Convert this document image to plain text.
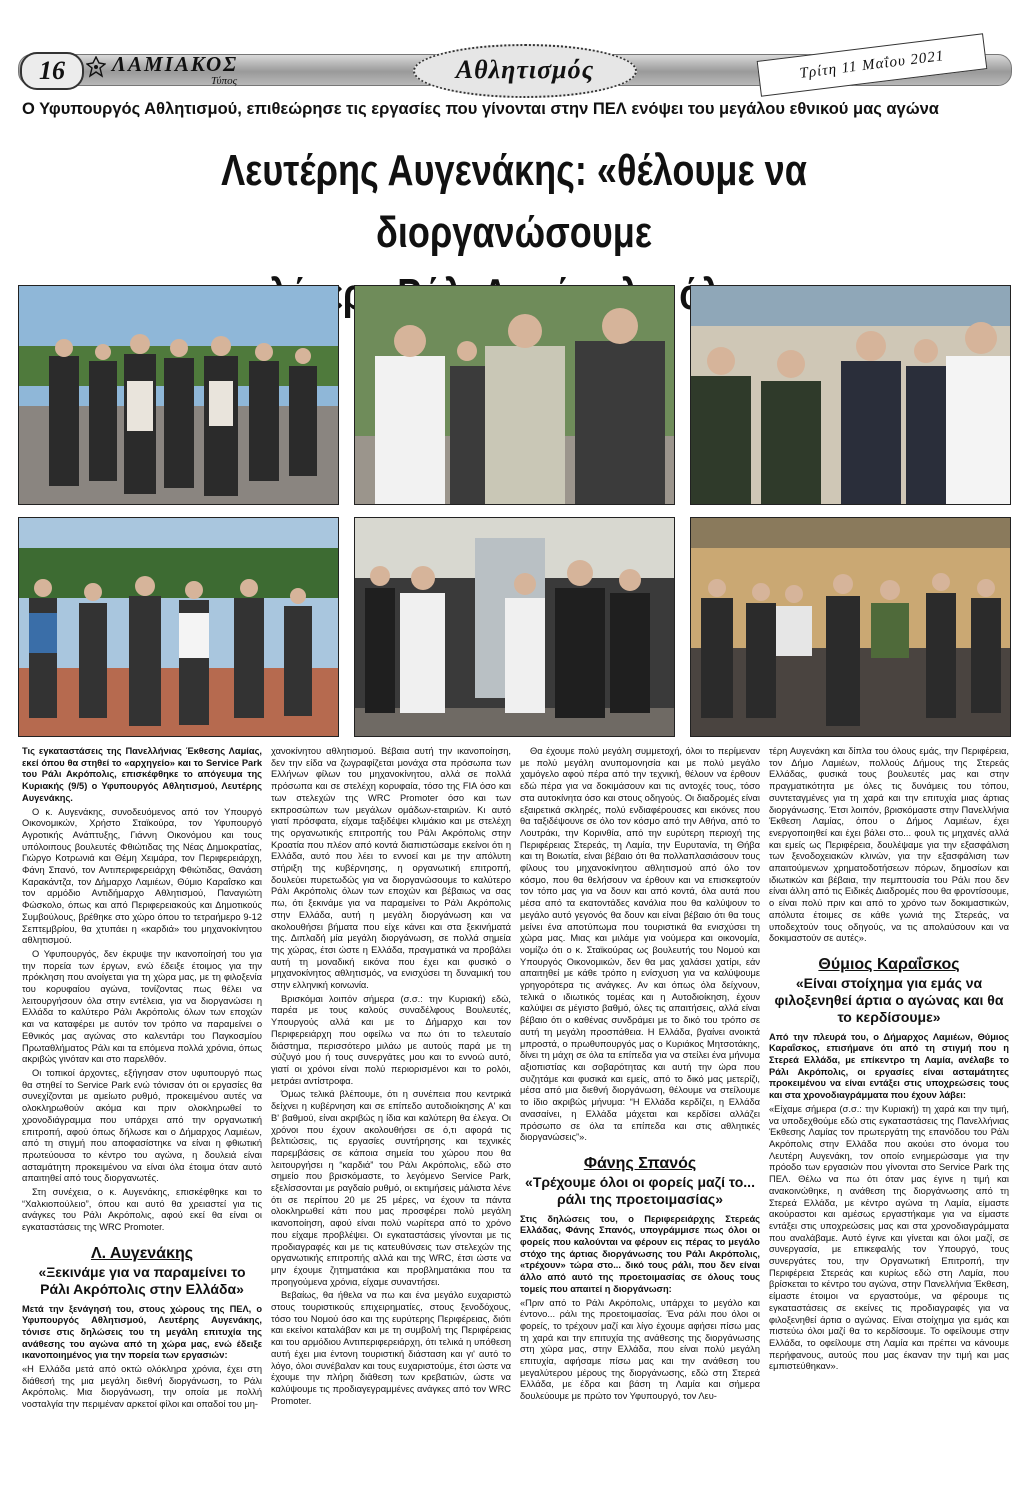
16	ΛΑΜΙΑΚΟΣ
Τύπος	Αθλητισμός	Τρίτη 11 Μαΐου 2021
Ο Υφυπουργός Αθλητισμού, επιθεώρησε τις εργασίες που γίνονται στην ΠΕΛ ενόψει του μεγάλου εθνικού μας αγώνα
Λευτέρης Αυγενάκης: «θέλουμε να διοργανώσουμε

Τις εγκαταστάσεις της Πανελλήνιας Έκθεσης Λαμίας, εκεί όπου θα στηθεί το «αρχηγείο» και το Service Park του Ράλι Ακρόπολις, επισκέφθηκε το απόγευμα της Κυριακής (9/5) ο Υφυπουργός Αθλητισμού, Λευτέρης Αυγενάκης.

Ο κ. Αυγενάκης, συνοδευόμενος από τον Υπουργό Οικονομικών, Χρήστο Σταϊκούρα, τον Υφυπουργό Αγροτικής Ανάπτυξης, Γιάννη Οικονόμου και τους υπόλοιπους βουλευτές Φθιώτιδας της Νέας Δημοκρατίας, Γιώργο Κοτρωνιά και Θέμη Χειμάρα, τον Περιφερειάρχη, Φάνη Σπανό, τον Αντιπεριφερειάρχη Φθιώτιδας, Θανάση Καρακάντζα, τον Δήμαρχο Λαμιέων, Θύμιο Καραΐσκο και τον αρμόδιο Αντιδήμαρχο Αθλητισμού, Παναγιώτη Φώσκολο, όπως και από Περιφερειακούς και Δημοτικούς Συμβούλους, βρέθηκε στο χώρο όπου το τετραήμερο 9-12 Σεπτεμβρίου, θα χτυπάει η «καρδιά» του μηχανοκίνητου αθλητισμού.

Ο Υφυπουργός, δεν έκρυψε την ικανοποίησή του για την πορεία των έργων, ενώ έδειξε έτοιμος για την πρόκληση που ανοίγεται για τη χώρα μας, με τη φιλοξενία του κορυφαίου αγώνα, τονίζοντας πως θέλει να λειτουργήσουν όλα στην εντέλεια, για να διοργανώσει η Ελλάδα το καλύτερο Ράλι Ακρόπολις όλων των εποχών και να καταφέρει με αυτόν τον τρόπο να παραμείνει ο Εθνικός μας αγώνας στο καλεντάρι του Παγκοσμίου Πρωταθλήματος Ράλι και τα επόμενα πολλά χρόνια, όπως ακριβώς γινόταν και στο παρελθόν.

Οι τοπικοί άρχοντες, εξήγησαν στον υφυπουργό πως θα στηθεί το Service Park ενώ τόνισαν ότι οι εργασίες θα συνεχίζονται με αμείωτο ρυθμό, προκειμένου αυτές να ολοκληρωθούν ακόμα και πριν ολοκληρωθεί το χρονοδιάγραμμα που υπάρχει από την οργανωτική επιτροπή, αφού όπως δήλωσε και ο Δήμαρχος Λαμιέων, από τη στιγμή που αποφασίστηκε να είναι η φθιωτική πρωτεύουσα το κέντρο του αγώνα, η δουλειά είναι ασταμάτητη προκειμένου να είναι όλα έτοιμα όταν αυτό απαιτηθεί από τους διοργανωτές.

Στη συνέχεια, ο κ. Αυγενάκης, επισκέφθηκε και το “Χαλκιοπούλειο”, όπου και αυτό θα χρειαστεί για τις ανάγκες του Ράλι Ακρόπολις, αφού εκεί θα είναι οι εγκαταστάσεις της WRC Promoter.

Λ. Αυγενάκης
«Ξεκινάμε για να παραμείνει το Ράλι Ακρόπολις στην Ελλάδα»

Μετά την ξενάγησή του, στους χώρους της ΠΕΛ, ο Υφυπουργός Αθλητισμού, Λευτέρης Αυγενάκης, τόνισε στις δηλώσεις του τη μεγάλη επιτυχία της ανάθεσης του αγώνα από τη χώρα μας, ενώ έδειξε ικανοποιημένος για την πορεία των εργασιών:

«Η Ελλάδα μετά από οκτώ ολόκληρα χρόνια, έχει στη διάθεσή της μια μεγάλη διεθνή διοργάνωση, το Ράλι Ακρόπολις. Μια διοργάνωση, την οποία με πολλή νοσταλγία την περιμέναν αρκετοί φίλοι και οπαδοί του μη-

χανοκίνητου αθλητισμού. Βέβαια αυτή την ικανοποίηση, δεν την είδα να ζωγραφίζεται μονάχα στα πρόσωπα των Ελλήνων φίλων του μηχανοκίνητου, αλλά σε πολλά πρόσωπα και σε στελέχη κορυφαία, τόσο της FIA όσο και των στελεχών της WRC Promoter όσο και των εκπροσώπων των μεγάλων ομάδων-εταιριών. Κι αυτό γιατί πρόσφατα, είχαμε ταξιδέψει κλιμάκιο και με στελέχη της οργανωτικής επιτροπής του Ράλι Ακρόπολις στην Κροατία που πλέον από κοντά διαπιστώσαμε εκείνοι ότι η Ελλάδα, αυτό που λέει το εννοεί και με την απόλυτη στήριξη της κυβέρνησης, η οργανωτική επιτροπή, δουλεύει πυρετωδώς για να διοργανώσουμε το καλύτερο Ράλι Ακρόπολις όλων των εποχών και βέβαιως να σας πω, ότι ξεκινάμε για να παραμείνει το Ράλι Ακρόπολις στην Ελλάδα, αυτή η μεγάλη διοργάνωση και να ακολουθήσει βήματα που είχε κάνει και στα ξεκινήματά της. Διπλαδή μία μεγάλη διοργάνωση, σε πολλά σημεία της χώρας, έτσι ώστε η Ελλάδα, πραγματικά να προβάλει αυτή τη μοναδική εικόνα που έχει και φυσικό ο μηχανοκίνητος αθλητισμός, να ενισχύσει τη δυναμική του στην ελληνική κοινωνία.

Βρισκόμαι λοιπόν σήμερα (σ.σ.: την Κυριακή) εδώ, παρέα με τους καλούς συναδέλφους Βουλευτές, Υπουργούς αλλά και με το Δήμαρχο και τον Περιφερειάρχη που οφείλω να πω ότι το τελευταίο διάστημα, περισσότερο μιλάω με αυτούς παρά με τη σύζυγό μου ή τους συνεργάτες μου και το εννοώ αυτό, γιατί οι χρόνοι είναι πολύ περιορισμένοι και το ρολόι, μετράει αντίστροφα.

Όμως τελικά βλέπουμε, ότι η συνέπεια που κεντρικά δείχνει η κυβέρνηση και σε επίπεδο αυτοδιοίκησης Α' και Β' βαθμού, είναι ακριβώς η ίδια και καλύτερη θα έλεγα. Οι χρόνοι που έχουν ακολουθήσει σε ό,τι αφορά τις βελτιώσεις, τις εργασίες συντήρησης και τεχνικές παρεμβάσεις σε κάποια σημεία του χώρου που θα λειτουργήσει η “καρδιά” του Ράλι Ακρόπολις, εδώ στο σημείο που βρισκόμαστε, το λεγόμενο Service Park, εξελίσσονται με ραγδαίο ρυθμό, οι εκτιμήσεις μάλιστα λένε ότι σε περίπου 20 με 25 μέρες, να έχουν τα πάντα ολοκληρωθεί κάτι που μας προσφέρει πολύ μεγάλη ικανοποίηση, αφού είναι πολύ νωρίτερα από το χρόνο που είχαμε προβλέψει. Οι εγκαταστάσεις γίνονται με τις προδιαγραφές και με τις κατευθύνσεις των στελεχών της οργανωτικής επιτροπής αλλά και της WRC, έτσι ώστε να μην έχουμε ζητηματάκια και προβληματάκια που τα προηγούμενα χρόνια, είχαμε συναντήσει.

Βεβαίως, θα ήθελα να πω και ένα μεγάλο ευχαριστώ στους τουριστικούς επιχειρηματίες, στους ξενοδόχους, τόσο του Νομού όσο και της ευρύτερης Περιφέρειας, διότι και εκείνοι καταλάβαν και με τη συμβολή της Περιφέρειας και του αρμόδιου Αντιπεριφερειάρχη, ότι τελικά η υπόθεση αυτή έχει μια έντονη τουριστική διάσταση και γι' αυτό το λόγο, όλοι συνέβαλαν και τους ευχαριστούμε, έτσι ώστε να έχουμε την πλήρη διάθεση των κρεβατιών, ώστε να καλύψουμε τις προδιαγεγραμμένες ανάγκες από τον WRC Promoter.

Θα έχουμε πολύ μεγάλη συμμετοχή, όλοι το περίμεναν με πολύ μεγάλη ανυπομονησία και με πολύ μεγάλο χαμόγελο αφού πέρα από την τεχνική, θέλουν να έρθουν εδώ πέρα για να δοκιμάσουν και τις αντοχές τους, τόσο στα αυτοκίνητα όσο και στους οδηγούς. Οι διαδρομές είναι εξαιρετικά σκληρές, πολύ ενδιαφέρουσες και εικόνες που θα ταξιδέψουνε σε όλο τον κόσμο από την Αθήνα, από το Λουτράκι, την Κορινθία, από την ευρύτερη περιοχή της Περιφέρειας Στερεάς, τη Λαμία, την Ευρυτανία, τη Θήβα και τη Βοιωτία, είναι βέβαιο ότι θα πολλαπλασιάσουν τους φίλους του μηχανοκίνητου αθλητισμού από όλο τον κόσμο, που θα θελήσουν να έρθουν και να επισκεφτούν τον τόπο μας για να δουν και από κοντά, όλα αυτά που μέσα από τα εκατοντάδες κανάλια που θα καλύψουν το μεγάλο αυτό γεγονός θα δουν και είναι βέβαιο ότι θα τους μείνει ένα αποτύπωμα που τουριστικά θα ενισχύσει τη χώρα μας. Μιας και μιλάμε για νούμερα και οικονομία, νομίζω ότι ο κ. Σταϊκούρας ως βουλευτής του Νομού και Υπουργός Οικονομικών, δεν θα μας χαλάσει χατίρι, εάν απαιτηθεί με κάθε τρόπο η ενίσχυση για να καλύψουμε γρηγορότερα τις ανάγκες. Αν και όπως όλα δείχνουν, τελικά ο ιδιωτικός τομέας και η Αυτοδιοίκηση, έχουν καλύψει σε μέγιστο βαθμό, όλες τις απαιτήσεις, αλλά είναι βέβαιο ότι ο καθένας συνδράμει με το δικό του τρόπο σε αυτή τη μεγάλη προσπάθεια. Η Ελλάδα, βγαίνει ανοικτά μπροστά, ο πρωθυπουργός μας ο Κυριάκος Μητσοτάκης, δίνει τη μάχη σε όλα τα επίπεδα για να στείλει ένα μήνυμα αξιοπιστίας και σοβαρότητας και αυτή την ώρα που συζητάμε και φυσικά και εμείς, από το δικό μας μετερίζι, μέσα από μια διεθνή διοργάνωση, θέλουμε να στείλουμε το ίδιο ακριβώς μήνυμα: “Η Ελλάδα κερδίζει, η Ελλάδα ανασαίνει, η Ελλάδα μάχεται και κερδίσει αλλάζει πρόσωπο σε όλα τα επίπεδα και στις αθλητικές διοργανώσεις”».

Φάνης Σπανός
«Τρέχουμε όλοι οι φορείς μαζί το... ράλι της προετοιμασίας»

Στις δηλώσεις του, ο Περιφερειάρχης Στερεάς Ελλάδας, Φάνης Σπανός, υπογράμμισε πως όλοι οι φορείς που καλούνται να φέρουν εις πέρας το μεγάλο στόχο της άρτιας διοργάνωσης του Ράλι Ακρόπολις, «τρέχουν» τώρα στο... δικό τους ράλι, που δεν είναι άλλο από αυτό της προετοιμασίας σε όλους τους τομείς που απαιτεί η διοργάνωση:

«Πριν από το Ράλι Ακρόπολις, υπάρχει το μεγάλο και έντονο... ράλι της προετοιμασίας. Ένα ράλι που όλοι οι φορείς, το τρέχουν μαζί και λίγο έχουμε αφήσει πίσω μας τη χαρά και την επιτυχία της ανάθεσης της διοργάνωσης στη χώρα μας, στην Ελλάδα, που είναι πολύ μεγάλη επιτυχία, αφήσαμε πίσω μας και την ανάθεση του μεγαλύτερου μέρους της διοργάνωσης, εδώ στη Στερεά Ελλάδα, με έδρα και βάση τη Λαμία και σήμερα δουλεύουμε με πρώτο τον Υφυπουργό, τον Λευ-

τέρη Αυγενάκη και δίπλα του όλους εμάς, την Περιφέρεια, τον Δήμο Λαμιέων, πολλούς Δήμους της Στερεάς Ελλάδας, φυσικά τους βουλευτές μας και στην πραγματικότητα με όλες τις δυνάμεις του τόπου, συντεταγμένες για τη χαρά και την επιτυχία μιας άρτιας διοργάνωσης. Έτσι λοιπόν, βρισκόμαστε στην Πανελλήνια Έκθεση Λαμίας, όπου ο Δήμος Λαμιέων, έχει ενεργοποιηθεί και έχει βάλει στο... φουλ τις μηχανές αλλά και εμείς ως Περιφέρεια, δουλέψαμε για την εξασφάλιση των ξενοδοχειακών κλινών, για την εξασφάλιση των απαιτούμενων χρηματοδοτήσεων πόρων, δημοσίων και ιδιωτικών και βέβαια, την πεμπτουσία του Ράλι που δεν είναι άλλη από τις Ειδικές Διαδρομές που θα φροντίσουμε, ο είναι πολύ πριν και από το χρόνο των δοκιμαστικών, απόλυτα έτοιμες σε κάθε γωνιά της Στερεάς, να υποδεχτούν τους οδηγούς, να τις απολαύσουν και να δοκιμαστούν σε αυτές».

Θύμιος Καραΐσκος
«Είναι στοίχημα για εμάς να φιλοξενηθεί άρτια ο αγώνας και θα το κερδίσουμε»

Από την πλευρά του, ο Δήμαρχος Λαμιέων, Θύμιος Καραΐσκος, επισήμανε ότι από τη στιγμή που η Στερεά Ελλάδα, με επίκεντρο τη Λαμία, ανέλαβε το Ράλι Ακρόπολις, οι εργασίες είναι ασταμάτητες προκειμένου να είναι εντάξει στις υποχρεώσεις τους και στα χρονοδιαγράμματα που έχουν λάβει:

«Είχαμε σήμερα (σ.σ.: την Κυριακή) τη χαρά και την τιμή, να υποδεχθούμε εδώ στις εγκαταστάσεις της Πανελλήνιας Έκθεσης Λαμίας τον πρωτεργάτη της επανόδου του Ράλι Ακρόπολις στην Ελλάδα που ακούει στο όνομα του Λευτέρη Αυγενάκη, τον οποίο ενημερώσαμε για την πρόοδο των εργασιών που γίνονται στο Service Park της ΠΕΛ. Θέλω να πω ότι όταν μας έγινε η τιμή και ανακοινώθηκε, η ανάθεση της διοργάνωσης από τη Στερεά Ελλάδα, με κέντρο αγώνα τη Λαμία, είμαστε ακούραστοι και αμέσως εργαστήκαμε για να είμαστε εντάξει στις υποχρεώσεις μας και στα χρονοδιαγράμματα που αναλάβαμε. Αυτό έγινε και γίνεται και όλοι μαζί, σε συνεργασία, με επικεφαλής τον Υπουργό, τους συνεργάτες του, την Οργανωτική Επιτροπή, την Περιφέρεια Στερεάς και κυρίως εδώ στη Λαμία, που βρίσκεται το κέντρο του αγώνα, στην Πανελλήνια Έκθεση, είμαστε έτοιμοι να εργαστούμε, να φέρουμε τις εγκαταστάσεις σε εκείνες τις προδιαγραφές για να φιλοξενηθεί άρτια ο αγώνας. Είναι στοίχημα για εμάς και πιστεύω όλοι μαζί θα το κερδίσουμε. Το οφείλουμε στην Ελλάδα, το οφείλουμε στη Λαμία και πρέπει να κάνουμε περήφανους, αυτούς που μας έκαναν την τιμή και μας εμπιστεύθηκαν».
